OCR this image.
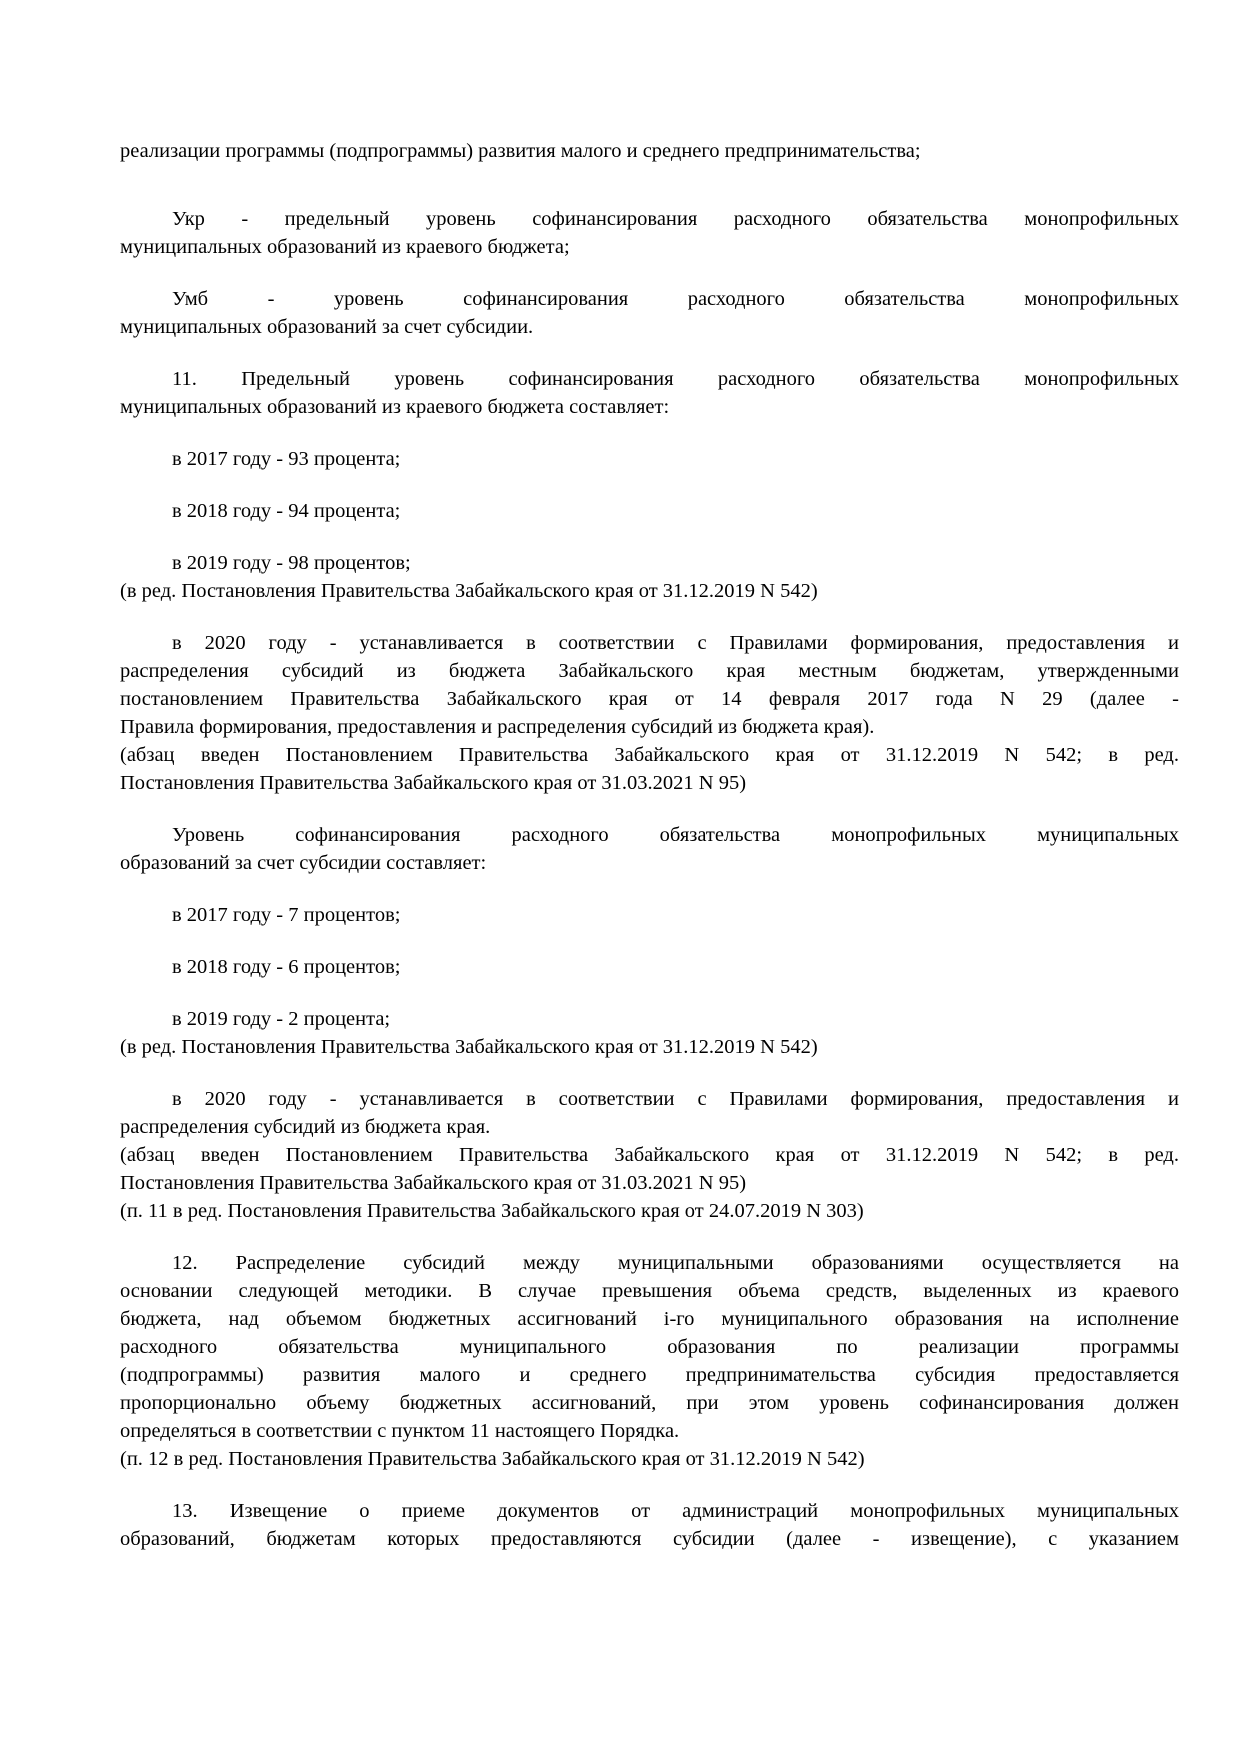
реализации программы (подпрограммы) развития малого и среднего предпринимательства;
Укр - предельный уровень софинансирования расходного обязательства монопрофильных
муниципальных образований из краевого бюджета;
Умб - уровень софинансирования расходного обязательства монопрофильных
муниципальных образований за счет субсидии.
11. Предельный уровень софинансирования расходного обязательства монопрофильных
муниципальных образований из краевого бюджета составляет:
в 2017 году - 93 процента;
в 2018 году - 94 процента;
в 2019 году - 98 процентов;
(в ред. Постановления Правительства Забайкальского края от 31.12.2019 N 542)
в 2020 году - устанавливается в соответствии с Правилами формирования, предоставления и
распределения субсидий из бюджета Забайкальского края местным бюджетам, утвержденными
постановлением Правительства Забайкальского края от 14 февраля 2017 года N 29 (далее -
Правила формирования, предоставления и распределения субсидий из бюджета края).
(абзац введен Постановлением Правительства Забайкальского края от 31.12.2019 N 542; в ред.
Постановления Правительства Забайкальского края от 31.03.2021 N 95)
Уровень софинансирования расходного обязательства монопрофильных муниципальных
образований за счет субсидии составляет:
в 2017 году - 7 процентов;
в 2018 году - 6 процентов;
в 2019 году - 2 процента;
(в ред. Постановления Правительства Забайкальского края от 31.12.2019 N 542)
в 2020 году - устанавливается в соответствии с Правилами формирования, предоставления и
распределения субсидий из бюджета края.
(абзац введен Постановлением Правительства Забайкальского края от 31.12.2019 N 542; в ред.
Постановления Правительства Забайкальского края от 31.03.2021 N 95)
(п. 11 в ред. Постановления Правительства Забайкальского края от 24.07.2019 N 303)
12. Распределение субсидий между муниципальными образованиями осуществляется на
основании следующей методики. В случае превышения объема средств, выделенных из краевого
бюджета, над объемом бюджетных ассигнований i-го муниципального образования на исполнение
расходного обязательства муниципального образования по реализации программы
(подпрограммы) развития малого и среднего предпринимательства субсидия предоставляется
пропорционально объему бюджетных ассигнований, при этом уровень софинансирования должен
определяться в соответствии с пунктом 11 настоящего Порядка.
(п. 12 в ред. Постановления Правительства Забайкальского края от 31.12.2019 N 542)
13. Извещение о приеме документов от администраций монопрофильных муниципальных
образований, бюджетам которых предоставляются субсидии (далее - извещение), с указанием
